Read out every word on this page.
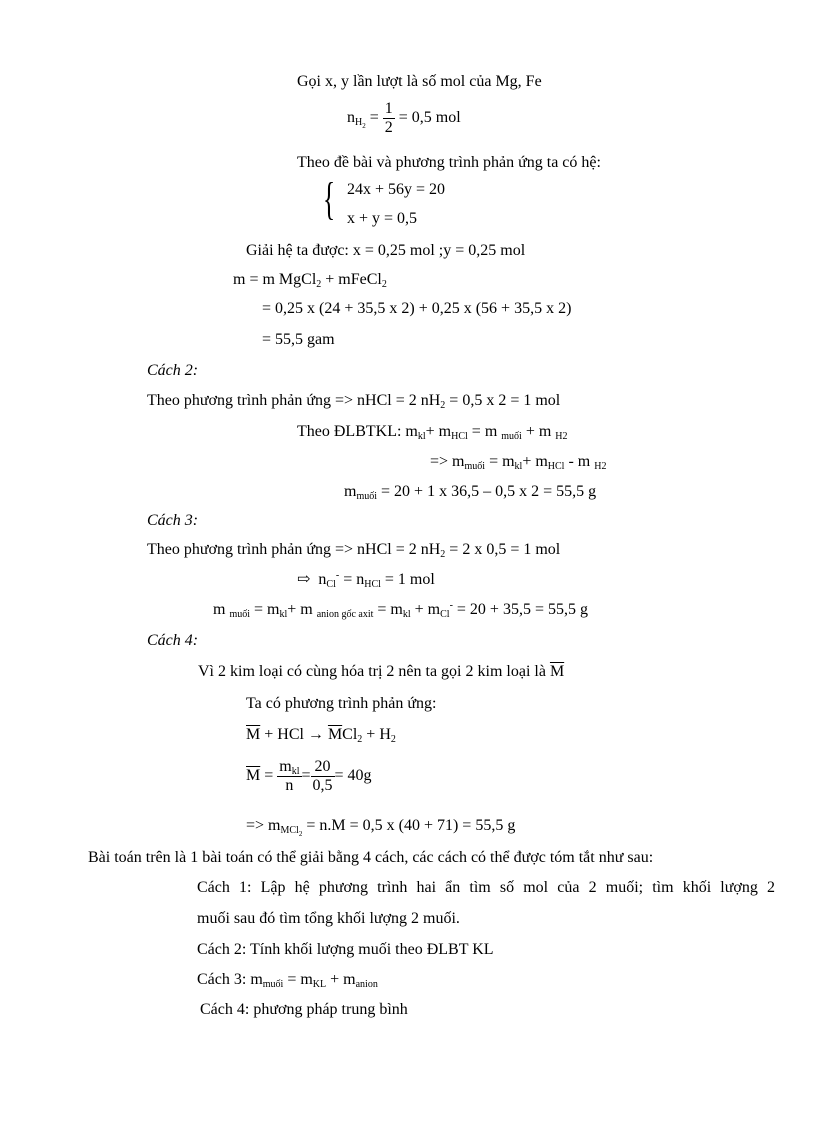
Gọi x, y lần lượt là số mol của Mg, Fe
$n_{H_2} = \frac{1}{2} = 0,5$ mol
Theo đề bài và phương trình phản ứng ta có hệ:
{ 24x + 56y = 20
x + y = 0,5
Giải hệ ta được: x = 0,25 mol ;y = 0,25 mol
m = m MgCl$_2$ + mFeCl$_2$
= 0,25 x (24 + 35,5 x 2) + 0,25 x (56 + 35,5 x 2)
= 55,5 gam
Cách 2:
Theo phương trình phản ứng => nHCl = 2 $nH_2 = 0,5$ x 2 = 1 mol
Theo ĐLBTKL: $m_{kl}+ m_{HCl} = m$ $_{muối}$ + m $_{H2}$
=> $m_{muối} = m_{kl}+ m_{HCl} - m$ $_{H2}$
$m_{muối} = 20 + 1$ x 36,5 – 0,5 x 2 = 55,5 g
Cách 3:
Theo phương trình phản ứng => nHCl = 2 $nH_2 = 2$ x 0,5 = 1 mol
⇨ $n_{Cl}^- = n_{HCl} = 1$ mol
m $_{muối} = m_{kl}+ m$ $_{anion gốc axit} = m_{kl} + m_{Cl}^- = 20 + 35,5 = 55,5$ g
Cách 4:
Vì 2 kim loại có cùng hóa trị 2 nên ta gọi 2 kim loại là $\overline{M}$
Ta có phương trình phản ứng:
$\overline{M}$ + HCl → $\overline{M}Cl_2 + H_2$
$\overline{M} = \frac{m_{kl}}{n} = \frac{20}{0,5} = 40g$
=> $m_{MCl_2} = n.M = 0,5$ x (40 + 71) = 55,5 g
Bài toán trên là 1 bài toán có thể giải bằng 4 cách, các cách có thể được tóm tắt như sau:
Cách 1: Lập hệ phương trình hai ẩn tìm số mol của 2 muối; tìm khối lượng 2
muối sau đó tìm tổng khối lượng 2 muối.
Cách 2: Tính khối lượng muối theo ĐLBT KL
Cách 3: $m_{muối} = m_{KL} + m_{anion}$
Cách 4: phương pháp trung bình
